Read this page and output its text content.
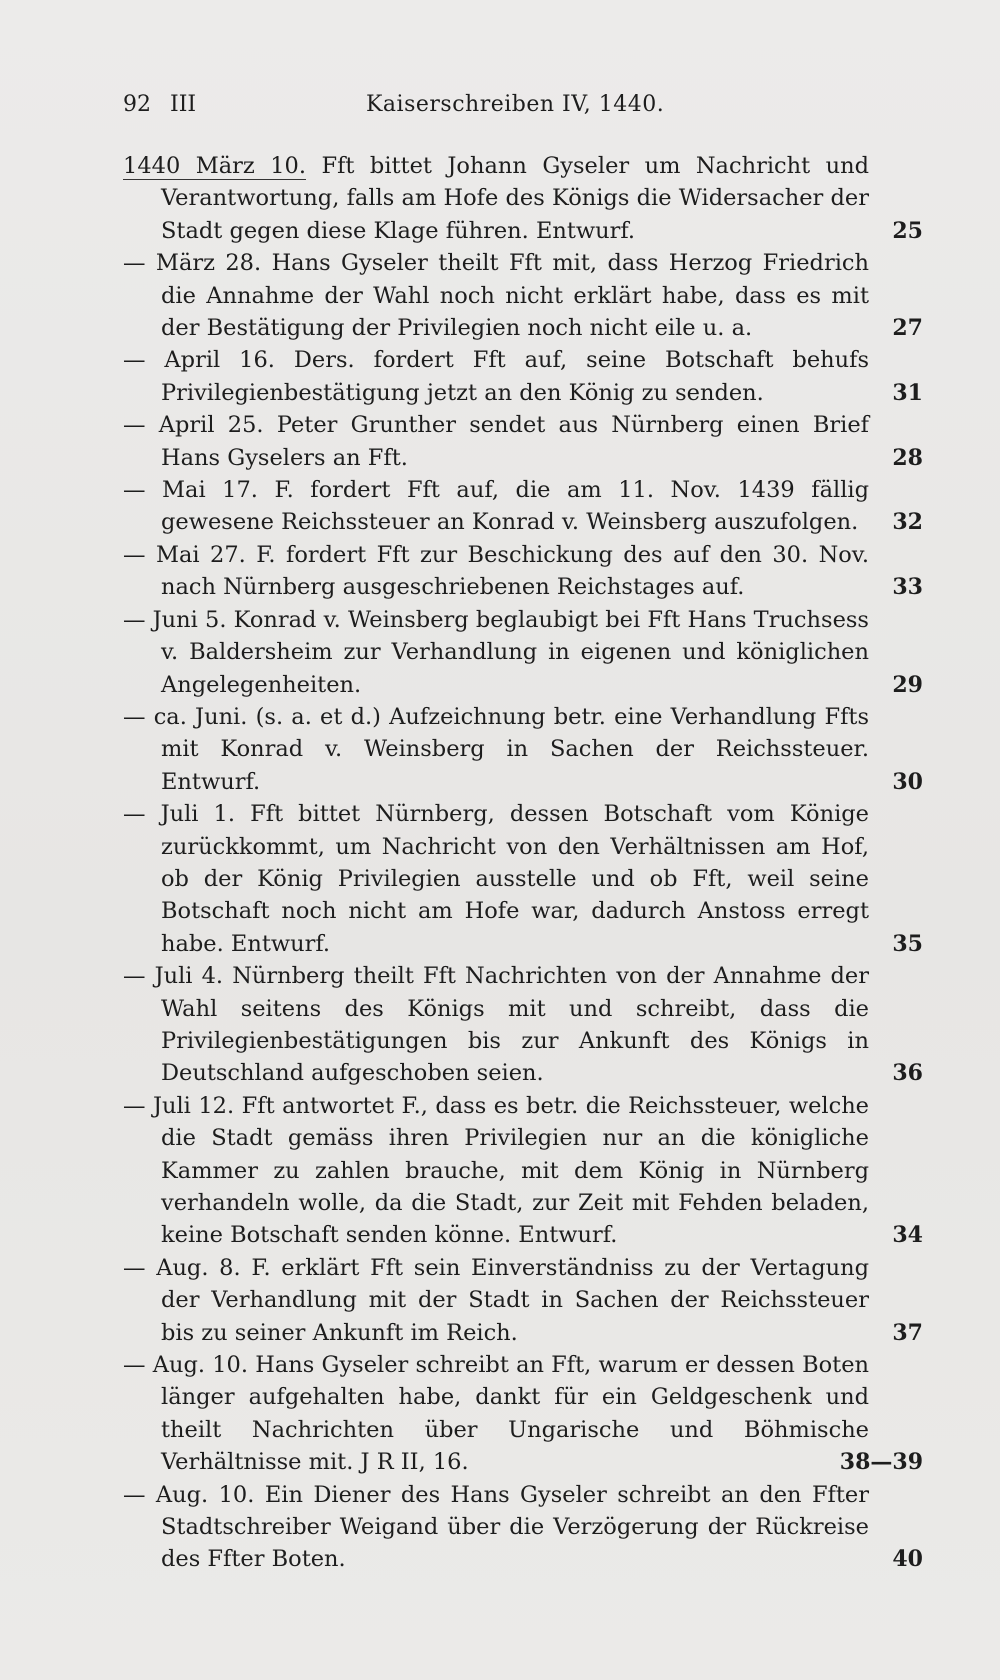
92 III	Kaiserschreiben IV, 1440.
1440 März 10. Fft bittet Johann Gyseler um Nachricht und Verantwortung, falls am Hofe des Königs die Widersacher der Stadt gegen diese Klage führen. Entwurf.	25
— März 28. Hans Gyseler theilt Fft mit, dass Herzog Friedrich die Annahme der Wahl noch nicht erklärt habe, dass es mit der Bestätigung der Privilegien noch nicht eile u. a.	27
— April 16. Ders. fordert Fft auf, seine Botschaft behufs Privilegienbestätigung jetzt an den König zu senden.	31
— April 25. Peter Grunther sendet aus Nürnberg einen Brief Hans Gyselers an Fft.	28
— Mai 17. F. fordert Fft auf, die am 11. Nov. 1439 fällig gewesene Reichssteuer an Konrad v. Weinsberg auszufolgen. 32
— Mai 27. F. fordert Fft zur Beschickung des auf den 30. Nov. nach Nürnberg ausgeschriebenen Reichstages auf.	33
— Juni 5. Konrad v. Weinsberg beglaubigt bei Fft Hans Truchsess v. Baldersheim zur Verhandlung in eigenen und königlichen Angelegenheiten.	29
— ca. Juni. (s. a. et d.) Aufzeichnung betr. eine Verhandlung Ffts mit Konrad v. Weinsberg in Sachen der Reichssteuer. Entwurf.	30
— Juli 1. Fft bittet Nürnberg, dessen Botschaft vom Könige zurückkommt, um Nachricht von den Verhältnissen am Hof, ob der König Privilegien ausstelle und ob Fft, weil seine Botschaft noch nicht am Hofe war, dadurch Anstoss erregt habe. Entwurf.	35
— Juli 4. Nürnberg theilt Fft Nachrichten von der Annahme der Wahl seitens des Königs mit und schreibt, dass die Privilegienbestätigungen bis zur Ankunft des Königs in Deutschland aufgeschoben seien.	36
— Juli 12. Fft antwortet F., dass es betr. die Reichssteuer, welche die Stadt gemäss ihren Privilegien nur an die königliche Kammer zu zahlen brauche, mit dem König in Nürnberg verhandeln wolle, da die Stadt, zur Zeit mit Fehden beladen, keine Botschaft senden könne. Entwurf.	34
— Aug. 8. F. erklärt Fft sein Einverständniss zu der Vertagung der Verhandlung mit der Stadt in Sachen der Reichssteuer bis zu seiner Ankunft im Reich.	37
— Aug. 10. Hans Gyseler schreibt an Fft, warum er dessen Boten länger aufgehalten habe, dankt für ein Geldgeschenk und theilt Nachrichten über Ungarische und Böhmische Verhältnisse mit. J R II, 16.	38—39
— Aug. 10. Ein Diener des Hans Gyseler schreibt an den Ffter Stadtschreiber Weigand über die Verzögerung der Rückreise des Ffter Boten.	40
